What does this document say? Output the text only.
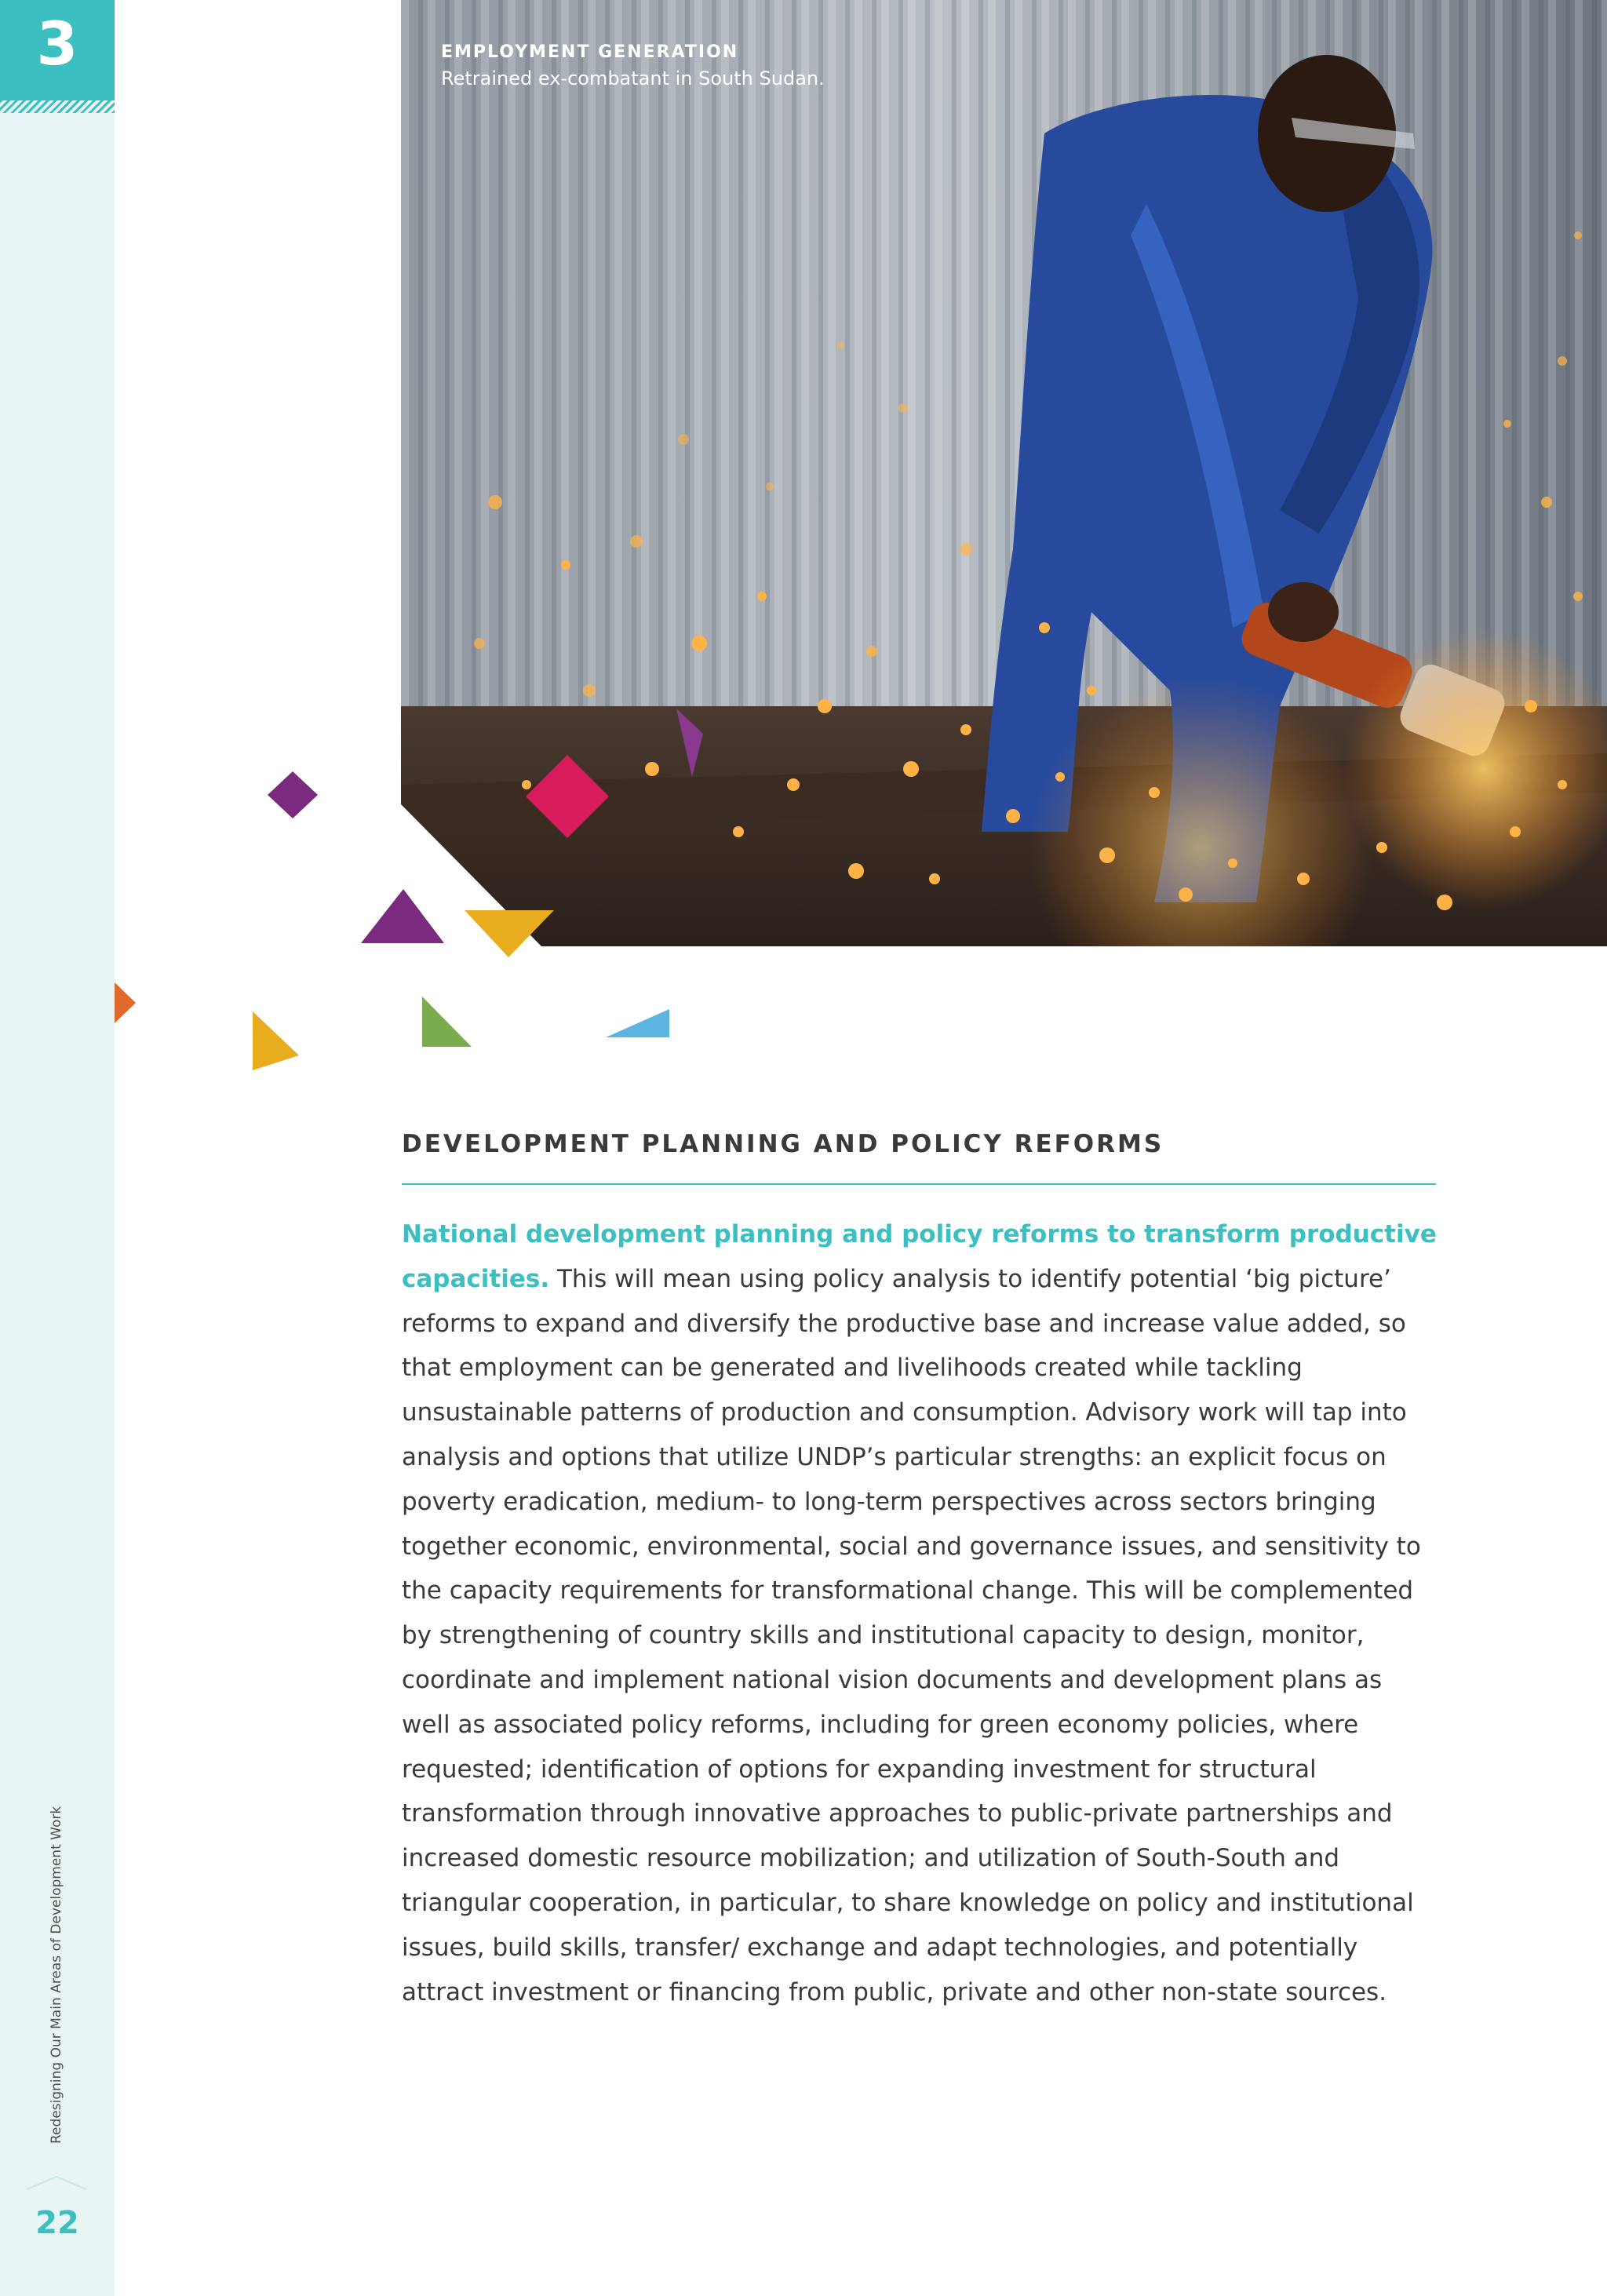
3
Redesigning Our Main Areas of Development Work
22
EMPLOYMENT GENERATION
Retrained ex-combatant in South Sudan.
DEVELOPMENT PLANNING AND POLICY REFORMS

National development planning and policy reforms to transform productive capacities. This will mean using policy analysis to identify potential ‘big picture’ reforms to expand and diversify the productive base and increase value added, so that employment can be generated and livelihoods created while tackling unsustainable patterns of production and consumption. Advisory work will tap into analysis and options that utilize UNDP’s particular strengths: an explicit focus on poverty eradication, medium- to long-term perspectives across sectors bringing together economic, environmental, social and governance issues, and sensitivity to the capacity requirements for transformational change. This will be complemented by strengthening of country skills and institutional capacity to design, monitor, coordinate and implement national vision documents and development plans as well as associated policy reforms, including for green economy policies, where requested; identification of options for expanding investment for structural transformation through innovative approaches to public-private partnerships and increased domestic resource mobilization; and utilization of South-South and triangular cooperation, in particular, to share knowledge on policy and institutional issues, build skills, transfer/ exchange and adapt technologies, and potentially attract investment or financing from public, private and other non-state sources.
